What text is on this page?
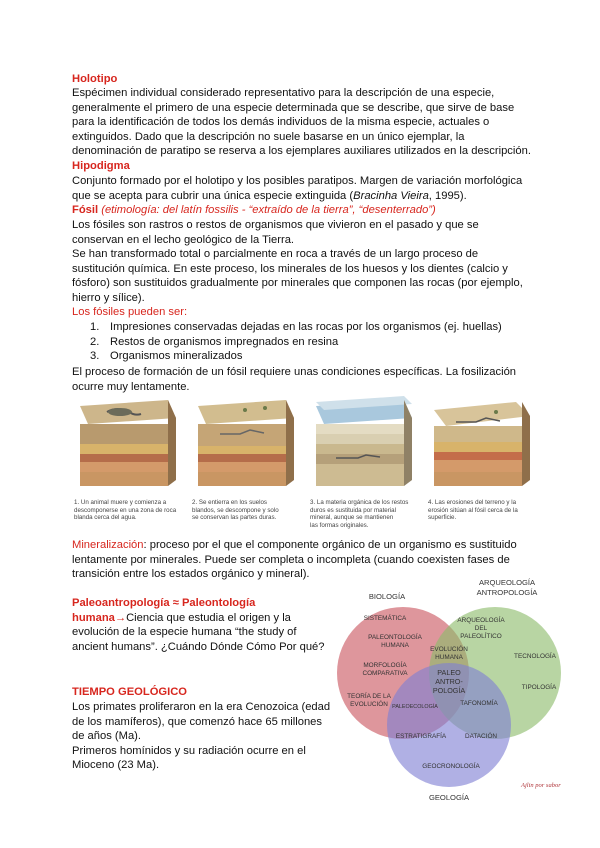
Holotipo

Espécimen individual considerado representativo para la descripción de una especie,

generalmente el primero de una especie determinada que se describe, que sirve de base

para la identificación de todos los demás individuos de la misma especie, actuales o

extinguidos. Dado que la descripción no suele basarse en un único ejemplar, la

denominación de paratipo se reserva a los ejemplares auxiliares utilizados en la descripción.

Hipodigma

Conjunto formado por el holotipo y los posibles paratipos. Margen de variación morfológica

que se acepta para cubrir una única especie extinguida (Bracinha Vieira, 1995).

Fósil (etimología: del latín fossilis - “extraído de la tierra”, “desenterrado”)

Los fósiles son rastros o restos de organismos que vivieron en el pasado y que se

conservan en el lecho geológico de la Tierra.

Se han transformado total o parcialmente en roca a través de un largo proceso de

sustitución química. En este proceso, los minerales de los huesos y los dientes (calcio y

fósforo) son sustituidos gradualmente por minerales que componen las rocas (por ejemplo,

hierro y sílice).

Los fósiles pueden ser:

1. Impresiones conservadas dejadas en las rocas por los organismos (ej. huellas)
2. Restos de organismos impregnados en resina
3. Organismos mineralizados

El proceso de formación de un fósil requiere unas condiciones específicas. La fosilización

ocurre muy lentamente.

1. Un animal muere y comienza a
descomponerse en una zona de roca
blanda cerca del agua.
2. Se entierra en los suelos
blandos, se descompone y solo
se conservan las partes duras.
3. La materia orgánica de los restos
duros es sustituida por material
mineral, aunque se mantienen
las formas originales.
4. Las erosiones del terreno y la
erosión sitúan al fósil cerca de la
superficie.

Mineralización: proceso por el que el componente orgánico de un organismo es sustituido

lentamente por minerales. Puede ser completa o incompleta (cuando coexisten fases de

transición entre los estados orgánico y mineral).

Paleoantropología ≈ Paleontología

humana→Ciencia que estudia el origen y la

evolución de la especie humana “the study of

ancient humans”. ¿Cuándo Dónde Cómo Por qué?

TIEMPO GEOLÓGICO

Los primates proliferaron en la era Cenozoica (edad

de los mamíferos), que comenzó hace 65 millones

de años (Ma).

Primeros homínidos y su radiación ocurre en el

Mioceno (23 Ma).

BIOLOGÍA
ARQUEOLOGÍA
ANTROPOLOGÍA
GEOLOGÍA
SISTEMÁTICA
PALEONTOLOGÍA
HUMANA
MORFOLOGÍA
COMPARATIVA
TEORÍA DE LA
EVOLUCIÓN
ARQUEOLOGÍA
DEL
PALEOLÍTICO
TECNOLOGÍA
EVOLUCIÓN
HUMANA
PALEO
ANTRO-
POLOGÍA	TIPOLOGÍA
PALEOECOLOGÍA	TAFONOMÍA
ESTRATIGRAFÍA	DATACIÓN
GEOCRONOLOGÍA
Ajlin por sabor
